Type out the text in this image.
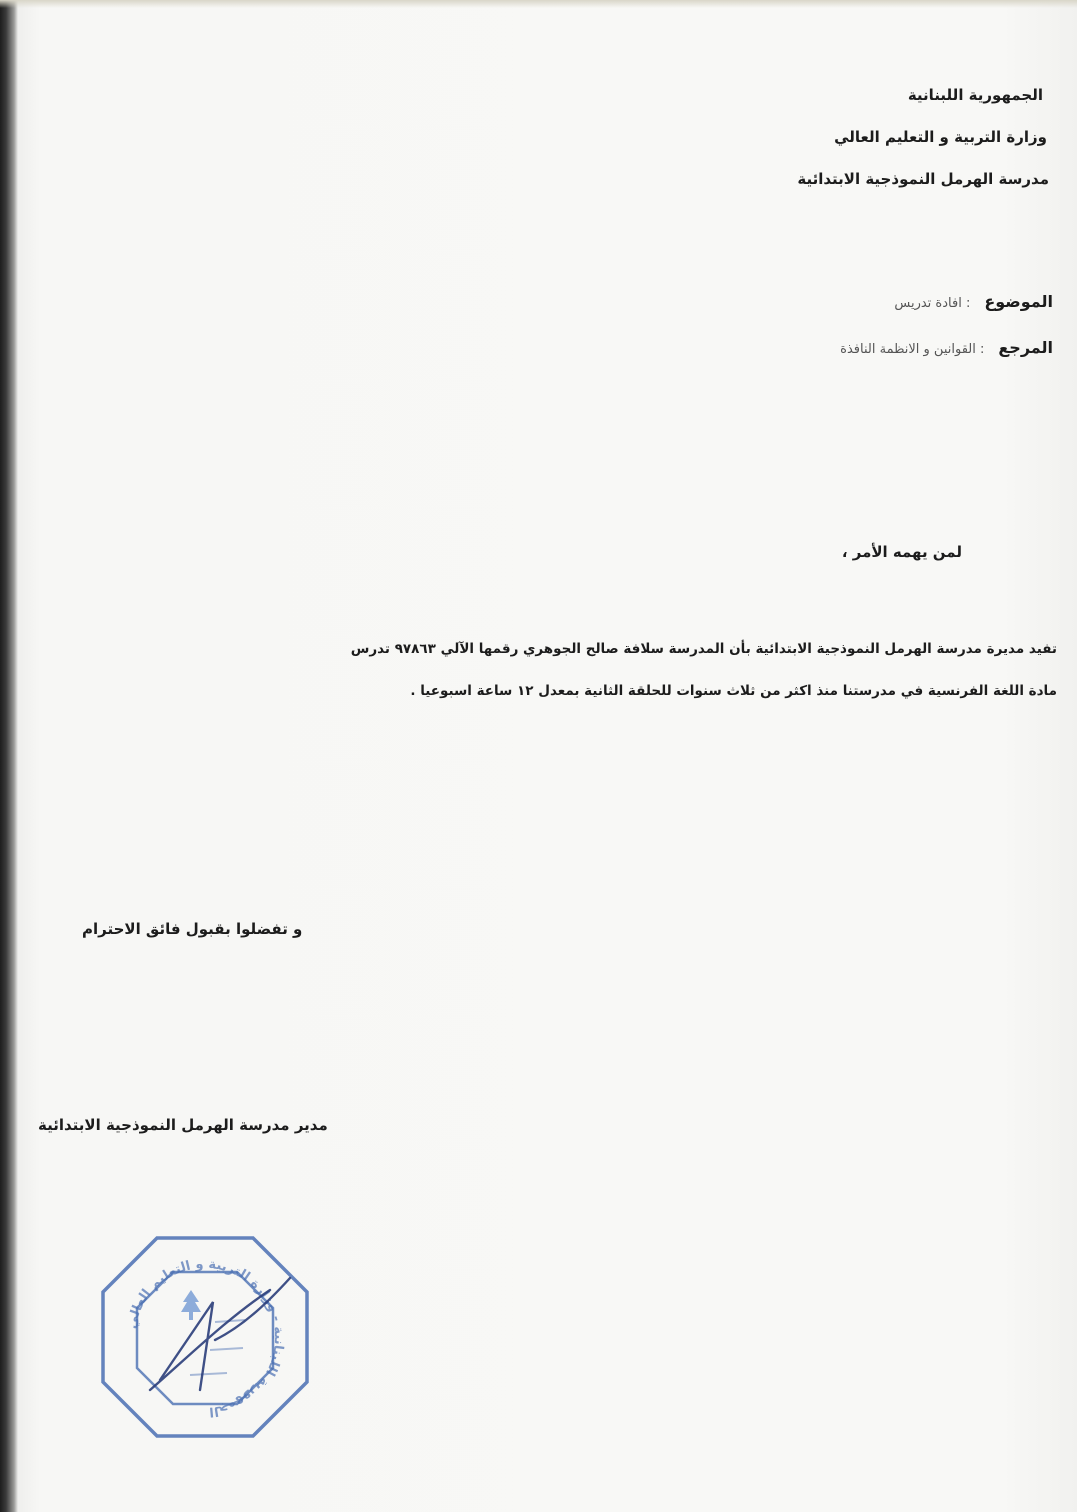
الجمهورية اللبنانية
وزارة التربية و التعليم العالي
مدرسة الهرمل النموذجية الابتدائية
الموضوع
: افادة تدريس
المرجع
: القوانين و الانظمة النافذة
لمن يهمه الأمر ،
تفيد مديرة مدرسة الهرمل النموذجية الابتدائية بأن المدرسة سلافة صالح الجوهري رقمها الآلي ٩٧٨٦٣ تدرس
مادة اللغة الفرنسية في مدرستنا منذ اكثر من ثلاث سنوات للحلقة الثانية بمعدل ١٢ ساعة اسبوعيا .
و تفضلوا بقبول فائق الاحترام
مدير مدرسة الهرمل النموذجية الابتدائية
الجمهورية اللبنانية - وزارة التربية و التعليم العالي
